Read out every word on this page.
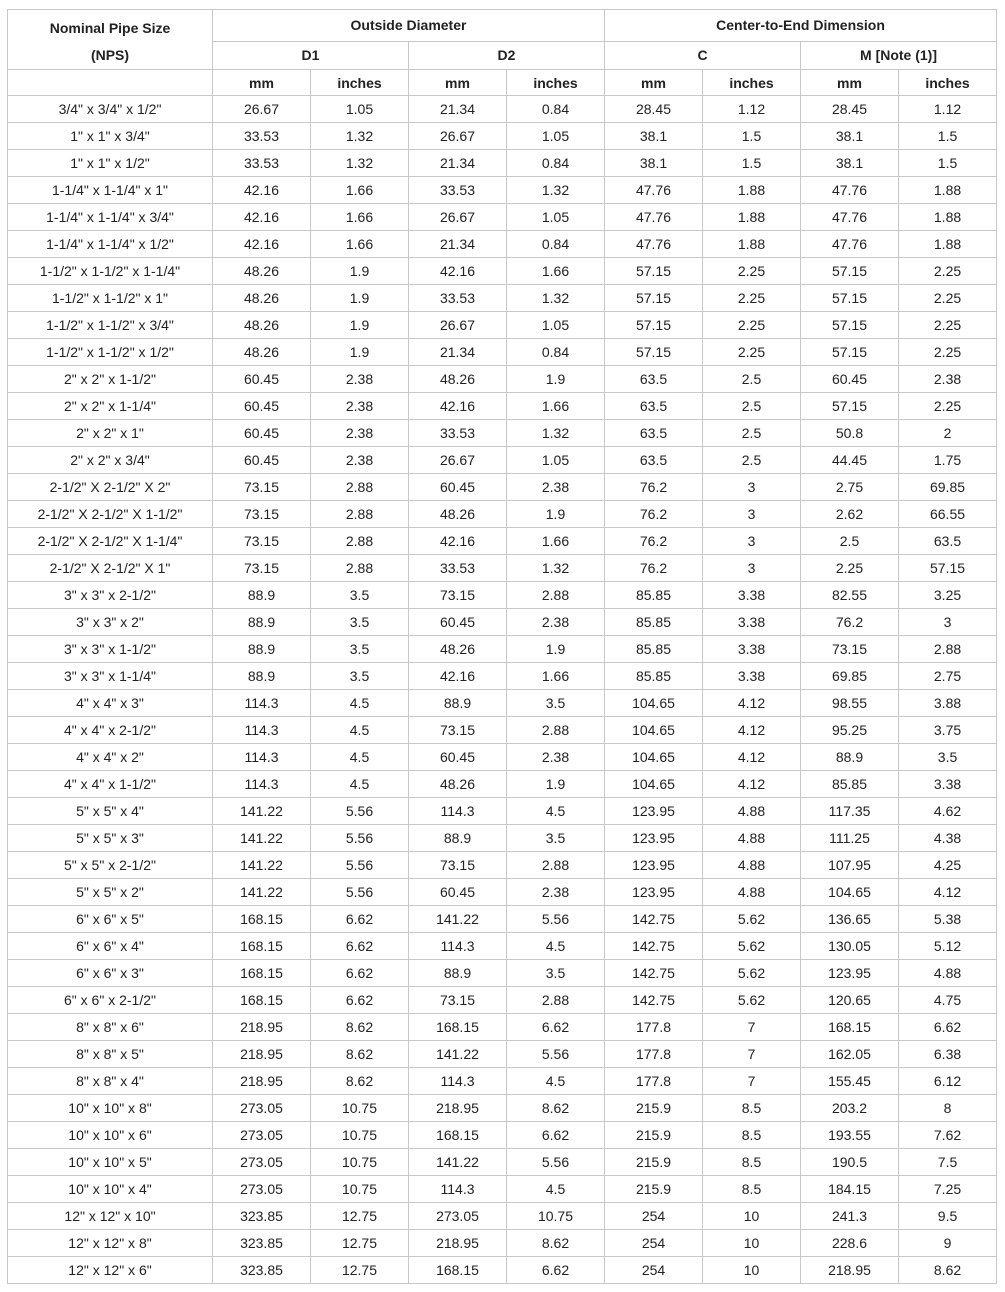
Nominal Pipe Size
(NPS)	Outside Diameter				Center-to-End Dimension			
	D1		D2		C		M [Note (1)]	
	mm	inches	mm	inches	mm	inches	mm	inches
3/4" x 3/4" x 1/2"	26.67	1.05	21.34	0.84	28.45	1.12	28.45	1.12
1" x 1" x 3/4"	33.53	1.32	26.67	1.05	38.1	1.5	38.1	1.5
1" x 1" x 1/2"	33.53	1.32	21.34	0.84	38.1	1.5	38.1	1.5
1-1/4" x 1-1/4" x 1"	42.16	1.66	33.53	1.32	47.76	1.88	47.76	1.88
1-1/4" x 1-1/4" x 3/4"	42.16	1.66	26.67	1.05	47.76	1.88	47.76	1.88
1-1/4" x 1-1/4" x 1/2"	42.16	1.66	21.34	0.84	47.76	1.88	47.76	1.88
1-1/2" x 1-1/2" x 1-1/4"	48.26	1.9	42.16	1.66	57.15	2.25	57.15	2.25
1-1/2" x 1-1/2" x 1"	48.26	1.9	33.53	1.32	57.15	2.25	57.15	2.25
1-1/2" x 1-1/2" x 3/4"	48.26	1.9	26.67	1.05	57.15	2.25	57.15	2.25
1-1/2" x 1-1/2" x 1/2"	48.26	1.9	21.34	0.84	57.15	2.25	57.15	2.25
2" x 2" x 1-1/2"	60.45	2.38	48.26	1.9	63.5	2.5	60.45	2.38
2" x 2" x 1-1/4"	60.45	2.38	42.16	1.66	63.5	2.5	57.15	2.25
2" x 2" x 1"	60.45	2.38	33.53	1.32	63.5	2.5	50.8	2
2" x 2" x 3/4"	60.45	2.38	26.67	1.05	63.5	2.5	44.45	1.75
2-1/2" X 2-1/2" X 2"	73.15	2.88	60.45	2.38	76.2	3	2.75	69.85
2-1/2" X 2-1/2" X 1-1/2"	73.15	2.88	48.26	1.9	76.2	3	2.62	66.55
2-1/2" X 2-1/2" X 1-1/4"	73.15	2.88	42.16	1.66	76.2	3	2.5	63.5
2-1/2" X 2-1/2" X 1"	73.15	2.88	33.53	1.32	76.2	3	2.25	57.15
3" x 3" x 2-1/2"	88.9	3.5	73.15	2.88	85.85	3.38	82.55	3.25
3" x 3" x 2"	88.9	3.5	60.45	2.38	85.85	3.38	76.2	3
3" x 3" x 1-1/2"	88.9	3.5	48.26	1.9	85.85	3.38	73.15	2.88
3" x 3" x 1-1/4"	88.9	3.5	42.16	1.66	85.85	3.38	69.85	2.75
4" x 4" x 3"	114.3	4.5	88.9	3.5	104.65	4.12	98.55	3.88
4" x 4" x 2-1/2"	114.3	4.5	73.15	2.88	104.65	4.12	95.25	3.75
4" x 4" x 2"	114.3	4.5	60.45	2.38	104.65	4.12	88.9	3.5
4" x 4" x 1-1/2"	114.3	4.5	48.26	1.9	104.65	4.12	85.85	3.38
5" x 5" x 4"	141.22	5.56	114.3	4.5	123.95	4.88	117.35	4.62
5" x 5" x 3"	141.22	5.56	88.9	3.5	123.95	4.88	111.25	4.38
5" x 5" x 2-1/2"	141.22	5.56	73.15	2.88	123.95	4.88	107.95	4.25
5" x 5" x 2"	141.22	5.56	60.45	2.38	123.95	4.88	104.65	4.12
6" x 6" x 5"	168.15	6.62	141.22	5.56	142.75	5.62	136.65	5.38
6" x 6" x 4"	168.15	6.62	114.3	4.5	142.75	5.62	130.05	5.12
6" x 6" x 3"	168.15	6.62	88.9	3.5	142.75	5.62	123.95	4.88
6" x 6" x 2-1/2"	168.15	6.62	73.15	2.88	142.75	5.62	120.65	4.75
8" x 8" x 6"	218.95	8.62	168.15	6.62	177.8	7	168.15	6.62
8" x 8" x 5"	218.95	8.62	141.22	5.56	177.8	7	162.05	6.38
8" x 8" x 4"	218.95	8.62	114.3	4.5	177.8	7	155.45	6.12
10" x 10" x 8"	273.05	10.75	218.95	8.62	215.9	8.5	203.2	8
10" x 10" x 6"	273.05	10.75	168.15	6.62	215.9	8.5	193.55	7.62
10" x 10" x 5"	273.05	10.75	141.22	5.56	215.9	8.5	190.5	7.5
10" x 10" x 4"	273.05	10.75	114.3	4.5	215.9	8.5	184.15	7.25
12" x 12" x 10"	323.85	12.75	273.05	10.75	254	10	241.3	9.5
12" x 12" x 8"	323.85	12.75	218.95	8.62	254	10	228.6	9
12" x 12" x 6"	323.85	12.75	168.15	6.62	254	10	218.95	8.62
